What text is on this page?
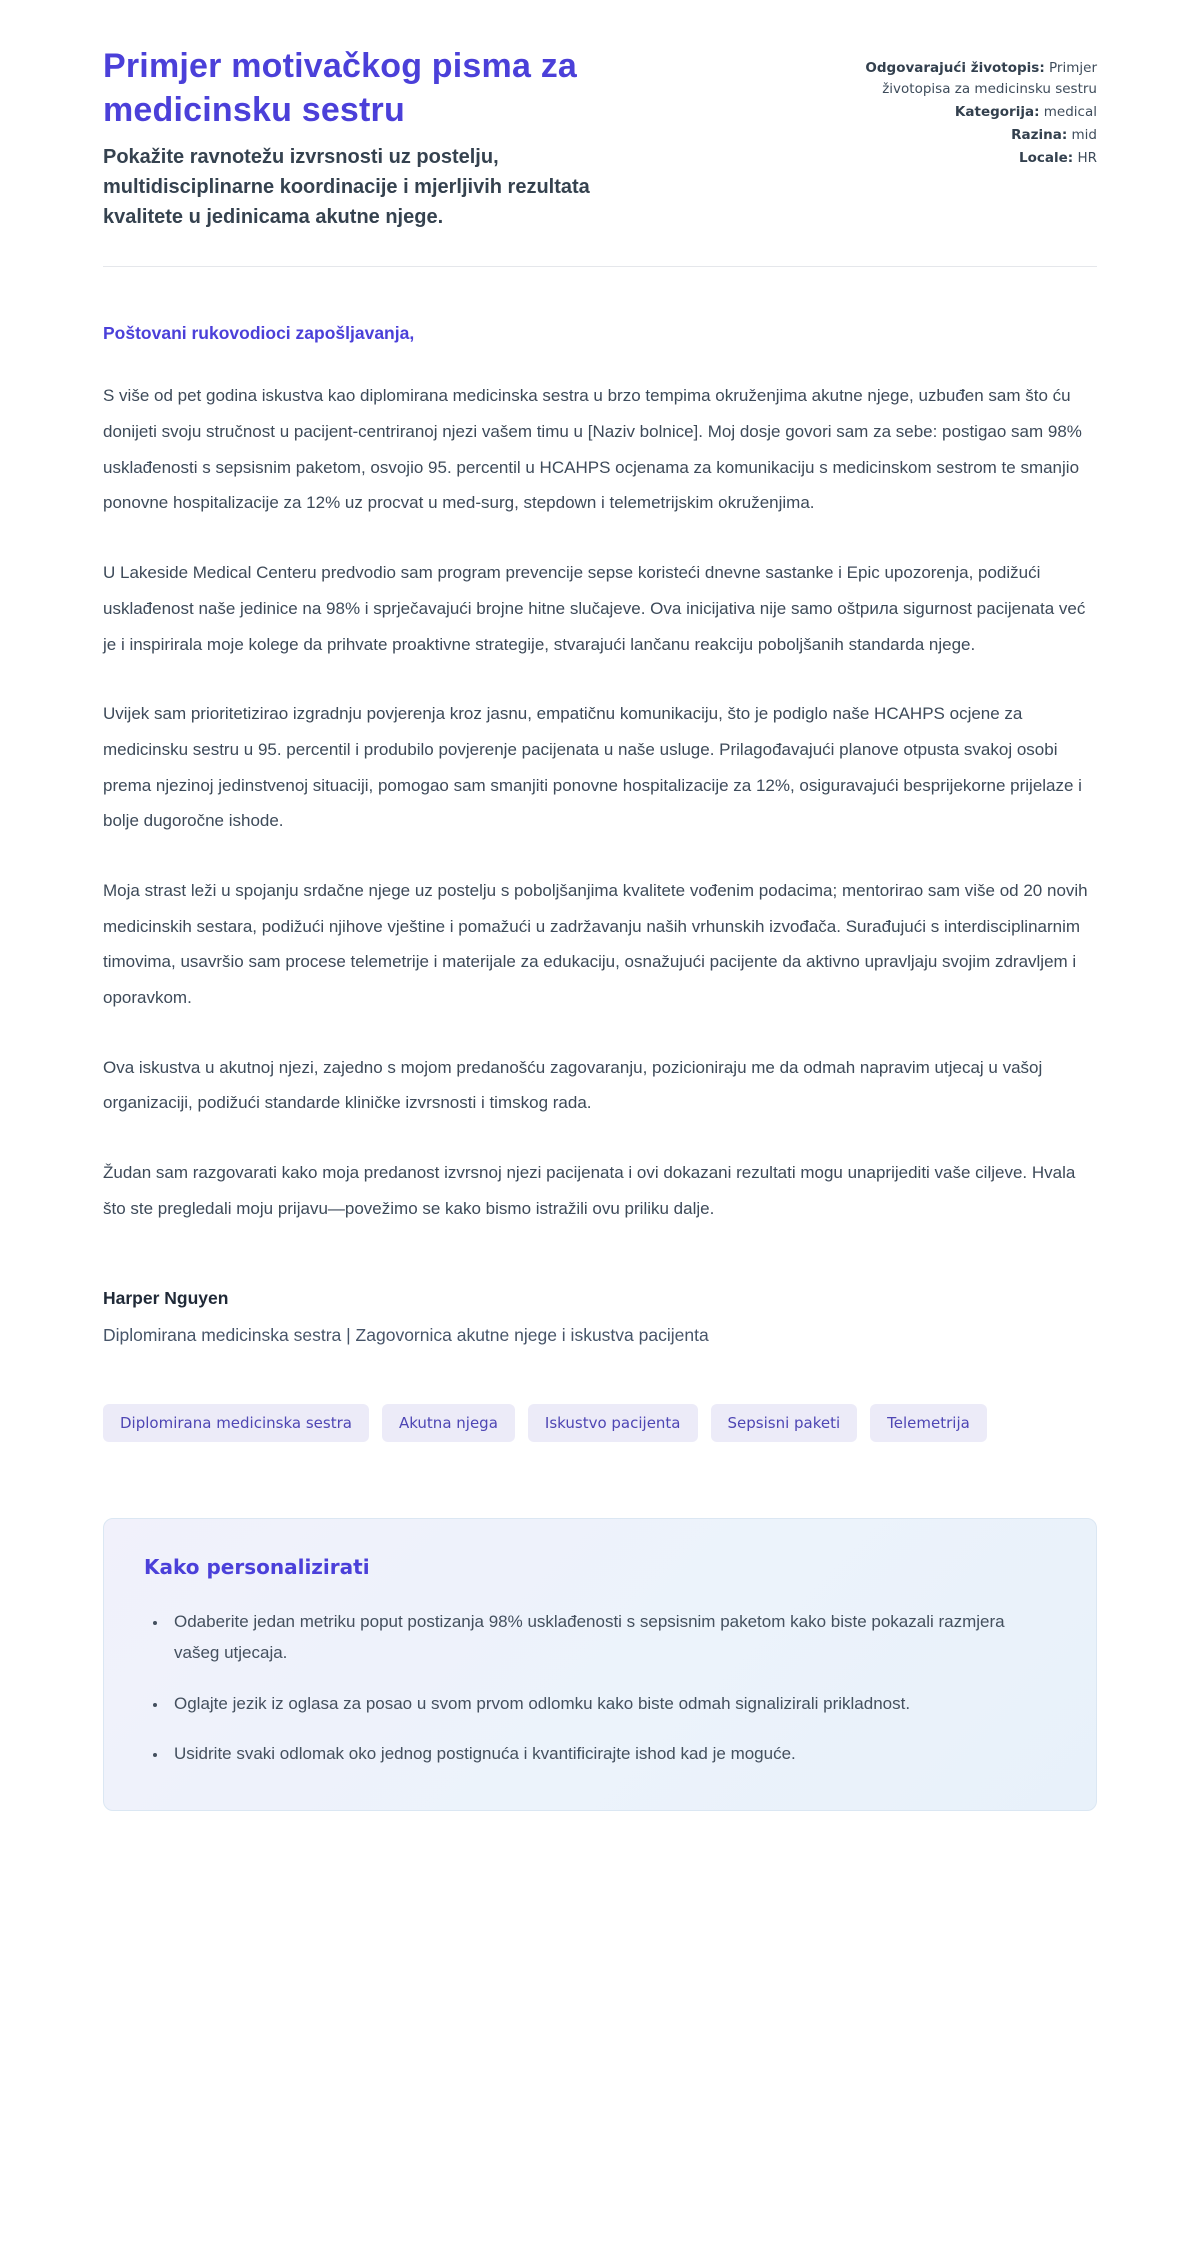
Primjer motivačkog pisma za medicinsku sestru
Pokažite ravnotežu izvrsnosti uz postelju, multidisciplinarne koordinacije i mjerljivih rezultata kvalitete u jedinicama akutne njege.
Odgovarajući životopis: Primjer životopisa za medicinsku sestru
Kategorija: medical
Razina: mid
Locale: HR
Poštovani rukovodioci zapošljavanja,

S više od pet godina iskustva kao diplomirana medicinska sestra u brzo tempima okruženjima akutne njege, uzbuđen sam što ću donijeti svoju stručnost u pacijent-centriranoj njezi vašem timu u [Naziv bolnice]. Moj dosje govori sam za sebe: postigao sam 98% usklađenosti s sepsisnim paketom, osvojio 95. percentil u HCAHPS ocjenama za komunikaciju s medicinskom sestrom te smanjio ponovne hospitalizacije za 12% uz procvat u med-surg, stepdown i telemetrijskim okruženjima.

U Lakeside Medical Centeru predvodio sam program prevencije sepse koristeći dnevne sastanke i Epic upozorenja, podižući usklađenost naše jedinice na 98% i sprječavajući brojne hitne slučajeve. Ova inicijativa nije samo oštрила sigurnost pacijenata već je i inspirirala moje kolege da prihvate proaktivne strategije, stvarajući lančanu reakciju poboljšanih standarda njege.

Uvijek sam prioritetizirao izgradnju povjerenja kroz jasnu, empatičnu komunikaciju, što je podiglo naše HCAHPS ocjene za medicinsku sestru u 95. percentil i produbilo povjerenje pacijenata u naše usluge. Prilagođavajući planove otpusta svakoj osobi prema njezinoj jedinstvenoj situaciji, pomogao sam smanjiti ponovne hospitalizacije za 12%, osiguravajući besprijekorne prijelaze i bolje dugoročne ishode.

Moja strast leži u spojanju srdačne njege uz postelju s poboljšanjima kvalitete vođenim podacima; mentorirao sam više od 20 novih medicinskih sestara, podižući njihove vještine i pomažući u zadržavanju naših vrhunskih izvođača. Surađujući s interdisciplinarnim timovima, usavršio sam procese telemetrije i materijale za edukaciju, osnažujući pacijente da aktivno upravljaju svojim zdravljem i oporavkom.

Ova iskustva u akutnoj njezi, zajedno s mojom predanošću zagovaranju, pozicioniraju me da odmah napravim utjecaj u vašoj organizaciji, podižući standarde kliničke izvrsnosti i timskog rada.

Žudan sam razgovarati kako moja predanost izvrsnoj njezi pacijenata i ovi dokazani rezultati mogu unaprijediti vaše ciljeve. Hvala što ste pregledali moju prijavu—povežimo se kako bismo istražili ovu priliku dalje.

Harper Nguyen
Diplomirana medicinska sestra | Zagovornica akutne njege i iskustva pacijenta
Diplomirana medicinska sestra	Akutna njega	Iskustvo pacijenta	Sepsisni paketi	Telemetrija
Kako personalizirati
• Odaberite jedan metriku poput postizanja 98% usklađenosti s sepsisnim paketom kako biste pokazali razmjera vašeg utjecaja.
• Oglajte jezik iz oglasa za posao u svom prvom odlomku kako biste odmah signalizirali prikladnost.
• Usidrite svaki odlomak oko jednog postignuća i kvantificirajte ishod kad je moguće.
